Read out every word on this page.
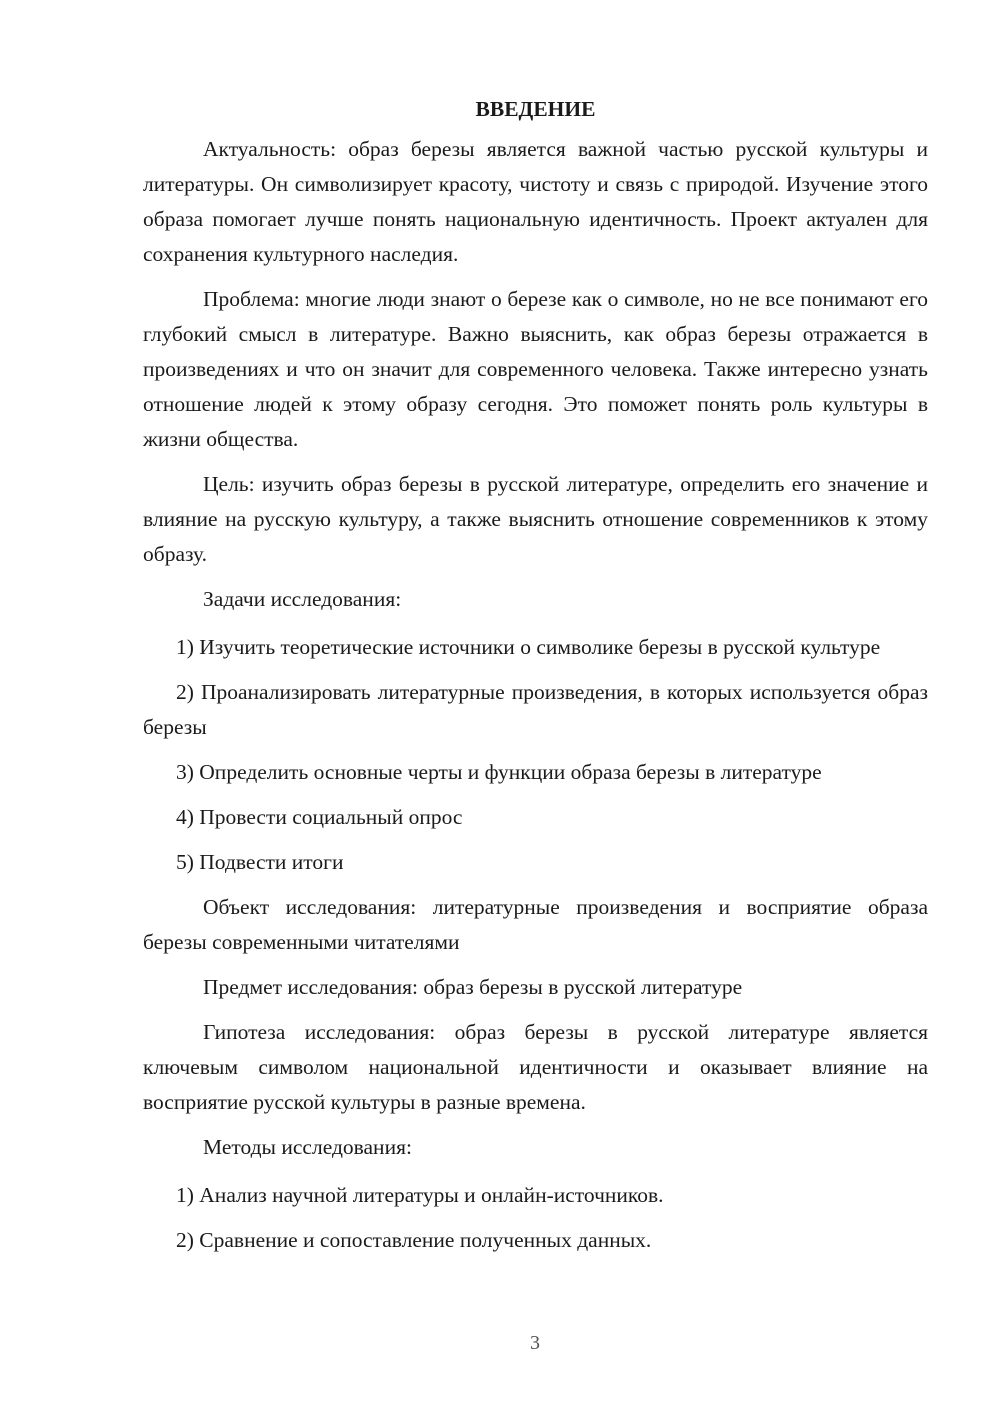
ВВЕДЕНИЕ

Актуальность: образ березы является важной частью русской культуры и литературы. Он символизирует красоту, чистоту и связь с природой. Изучение этого образа помогает лучше понять национальную идентичность. Проект актуален для сохранения культурного наследия.

Проблема: многие люди знают о березе как о символе, но не все понимают его глубокий смысл в литературе. Важно выяснить, как образ березы отражается в произведениях и что он значит для современного человека. Также интересно узнать отношение людей к этому образу сегодня. Это поможет понять роль культуры в жизни общества.

Цель: изучить образ березы в русской литературе, определить его значение и влияние на русскую культуру, а также выяснить отношение современников к этому образу.

Задачи исследования:

1) Изучить теоретические источники о символике березы в русской культуре

2) Проанализировать литературные произведения, в которых используется образ березы

3) Определить основные черты и функции образа березы в литературе

4) Провести социальный опрос

5) Подвести итоги

Объект исследования: литературные произведения и восприятие образа березы современными читателями

Предмет исследования: образ березы в русской литературе

Гипотеза исследования: образ березы в русской литературе является ключевым символом национальной идентичности и оказывает влияние на восприятие русской культуры в разные времена.

Методы исследования:

1) Анализ научной литературы и онлайн-источников.

2) Сравнение и сопоставление полученных данных.

3
